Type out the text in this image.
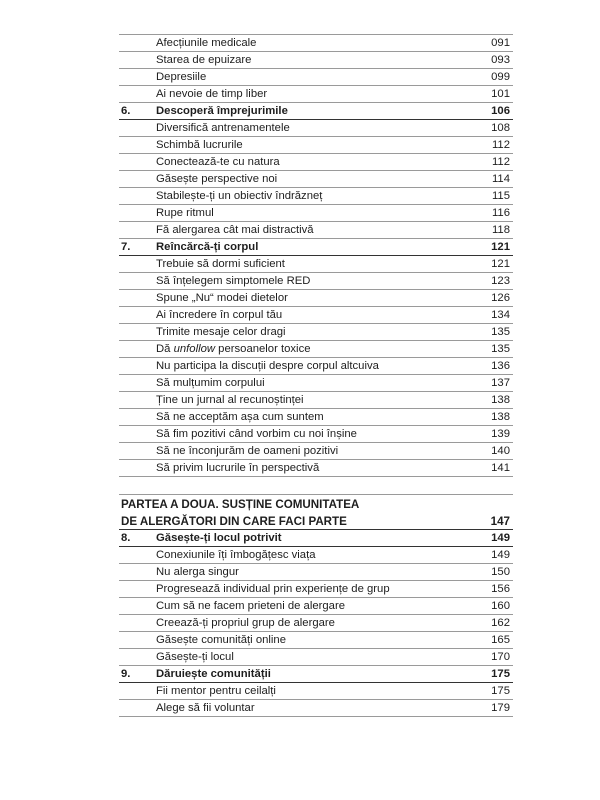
Afecțiunile medicale	091
Starea de epuizare	093
Depresiile	099
Ai nevoie de timp liber	101
6. Descoperă împrejurimile	106
Diversifică antrenamentele	108
Schimbă lucrurile	112
Conectează-te cu natura	112
Găsește perspective noi	114
Stabilește-ți un obiectiv îndrăzneț	115
Rupe ritmul	116
Fă alergarea cât mai distractivă	118
7. Reîncărcă-ți corpul	121
Trebuie să dormi suficient	121
Să înțelegem simptomele RED	123
Spune „Nu“ modei dietelor	126
Ai încredere în corpul tău	134
Trimite mesaje celor dragi	135
Dă unfollow persoanelor toxice	135
Nu participa la discuții despre corpul altcuiva	136
Să mulțumim corpului	137
Ține un jurnal al recunoștinței	138
Să ne acceptăm așa cum suntem	138
Să fim pozitivi când vorbim cu noi înșine	139
Să ne înconjurăm de oameni pozitivi	140
Să privim lucrurile în perspectivă	141
PARTEA A DOUA. SUSȚINE COMUNITATEA
DE ALERGĂTORI DIN CARE FACI PARTE	147
8. Găsește-ți locul potrivit	149
Conexiunile îți îmbogățesc viața	149
Nu alerga singur	150
Progresează individual prin experiențe de grup	156
Cum să ne facem prieteni de alergare	160
Creează-ți propriul grup de alergare	162
Găsește comunități online	165
Găsește-ți locul	170
9. Dăruiește comunității	175
Fii mentor pentru ceilalți	175
Alege să fii voluntar	179
